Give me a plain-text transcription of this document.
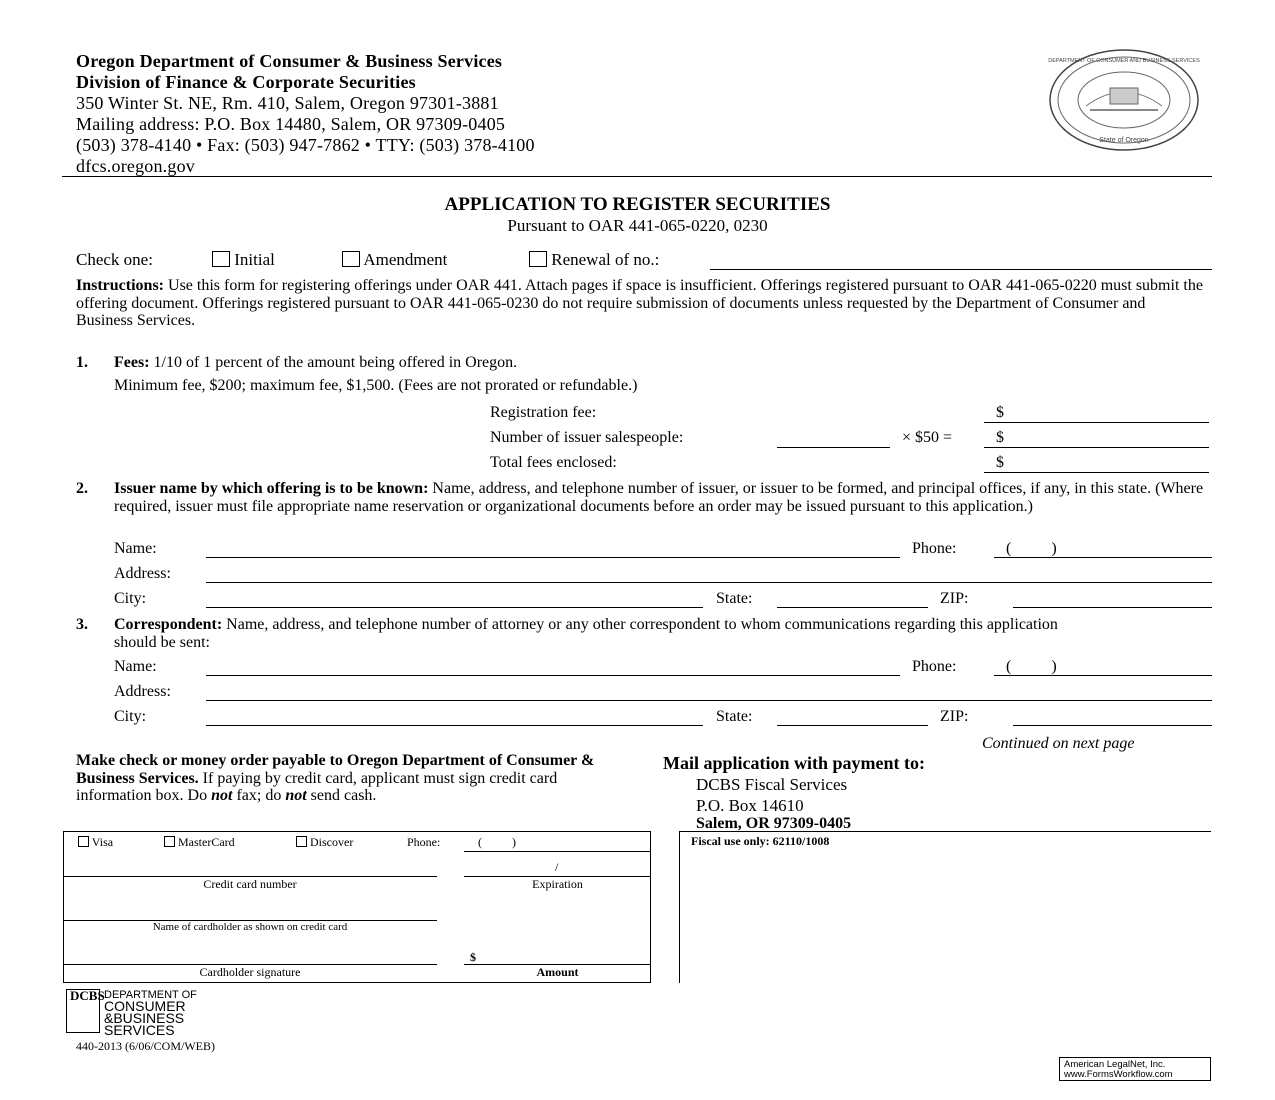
Oregon Department of Consumer & Business Services
Division of Finance & Corporate Securities
350 Winter St. NE, Rm. 410, Salem, Oregon 97301-3881
Mailing address: P.O. Box 14480, Salem, OR 97309-0405
(503) 378-4140 • Fax: (503) 947-7862 • TTY: (503) 378-4100
dfcs.oregon.gov
State of Oregon
DEPARTMENT OF CONSUMER AND BUSINESS SERVICES
APPLICATION TO REGISTER SECURITIES
Pursuant to OAR 441-065-0220, 0230
Check one:	Initial	Amendment	Renewal of no.:
Instructions: Use this form for registering offerings under OAR 441. Attach pages if space is insufficient. Offerings registered pursuant to OAR 441-065-0220 must submit the offering document. Offerings registered pursuant to OAR 441-065-0230 do not require submission of documents unless requested by the Department of Consumer and Business Services.
1. Fees: 1/10 of 1 percent of the amount being offered in Oregon.
Minimum fee, $200; maximum fee, $1,500. (Fees are not prorated or refundable.)
Registration fee:	$
Number of issuer salespeople:	× $50 =	$
Total fees enclosed:	$
2. Issuer name by which offering is to be known: Name, address, and telephone number of issuer, or issuer to be formed, and principal offices, if any, in this state. (Where required, issuer must file appropriate name reservation or organizational documents before an order may be issued pursuant to this application.)
Name:	Phone:	(          )
Address:
City:	State:	ZIP:
3. Correspondent: Name, address, and telephone number of attorney or any other correspondent to whom communications regarding this application should be sent:
Name:	Phone:	(          )
Address:
City:	State:	ZIP:
Continued on next page
Make check or money order payable to Oregon Department of Consumer & Business Services. If paying by credit card, applicant must sign credit card information box. Do not fax; do not send cash.
Mail application with payment to:
DCBS Fiscal Services
P.O. Box 14610
Salem, OR 97309-0405
Visa	MasterCard	Discover	Phone:	(          )
/
Credit card number	Expiration
Name of cardholder as shown on credit card
$
Cardholder signature	Amount
Fiscal use only: 62110/1008
DCBS DEPARTMENT OF
CONSUMER
&BUSINESS
SERVICES
440-2013 (6/06/COM/WEB)
American LegalNet, Inc.
www.FormsWorkflow.com
